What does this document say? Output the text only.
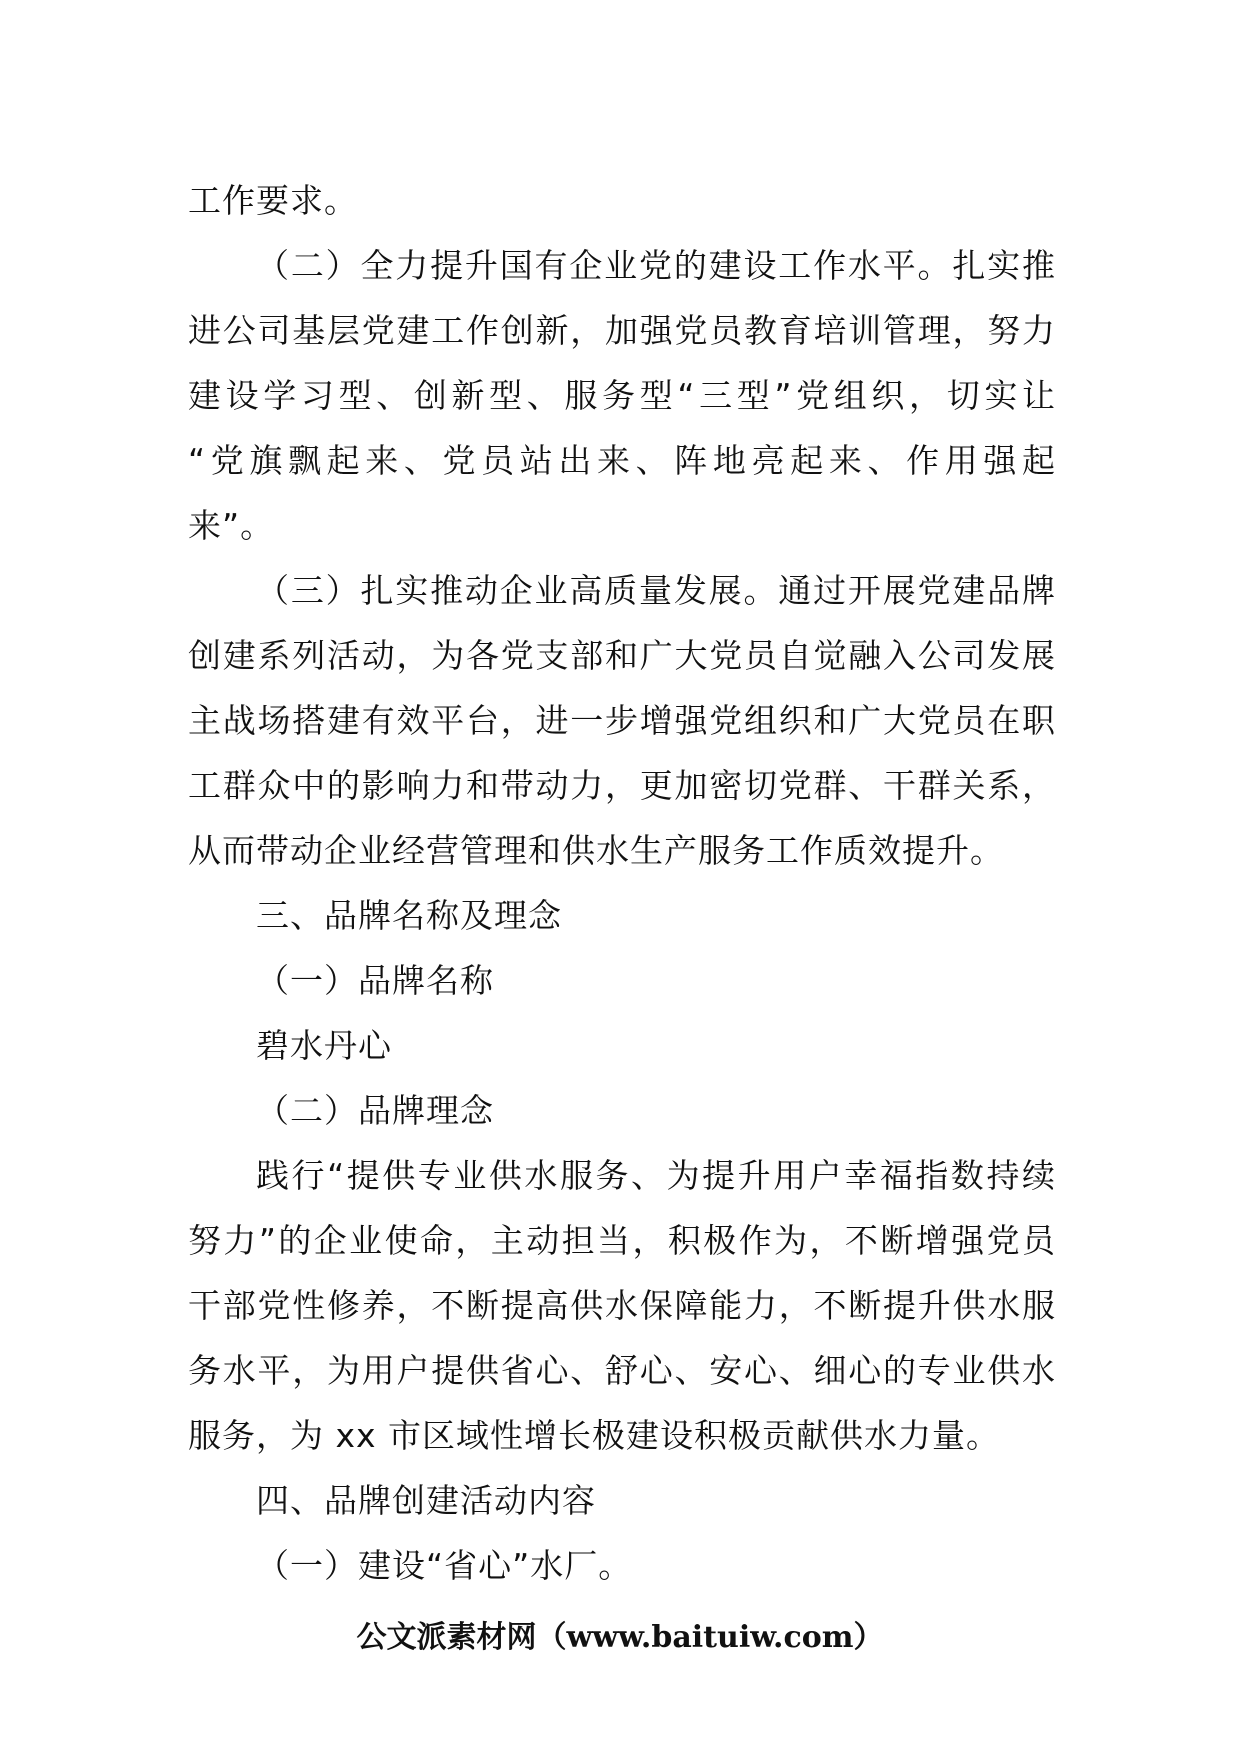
工作要求。
（二）全力提升国有企业党的建设工作水平。扎实推
进公司基层党建工作创新，加强党员教育培训管理，努力
建设学习型、创新型、服务型“三型”党组织，切实让
“党旗飘起来、党员站出来、阵地亮起来、作用强起
来”。
（三）扎实推动企业高质量发展。通过开展党建品牌
创建系列活动，为各党支部和广大党员自觉融入公司发展
主战场搭建有效平台，进一步增强党组织和广大党员在职
工群众中的影响力和带动力，更加密切党群、干群关系，
从而带动企业经营管理和供水生产服务工作质效提升。
三、品牌名称及理念
（一）品牌名称
碧水丹心
（二）品牌理念
践行“提供专业供水服务、为提升用户幸福指数持续
努力”的企业使命，主动担当，积极作为，不断增强党员
干部党性修养，不断提高供水保障能力，不断提升供水服
务水平，为用户提供省心、舒心、安心、细心的专业供水
服务，为 xx 市区域性增长极建设积极贡献供水力量。
四、品牌创建活动内容
（一）建设“省心”水厂。
公文派素材网（www.baituiw.com）
